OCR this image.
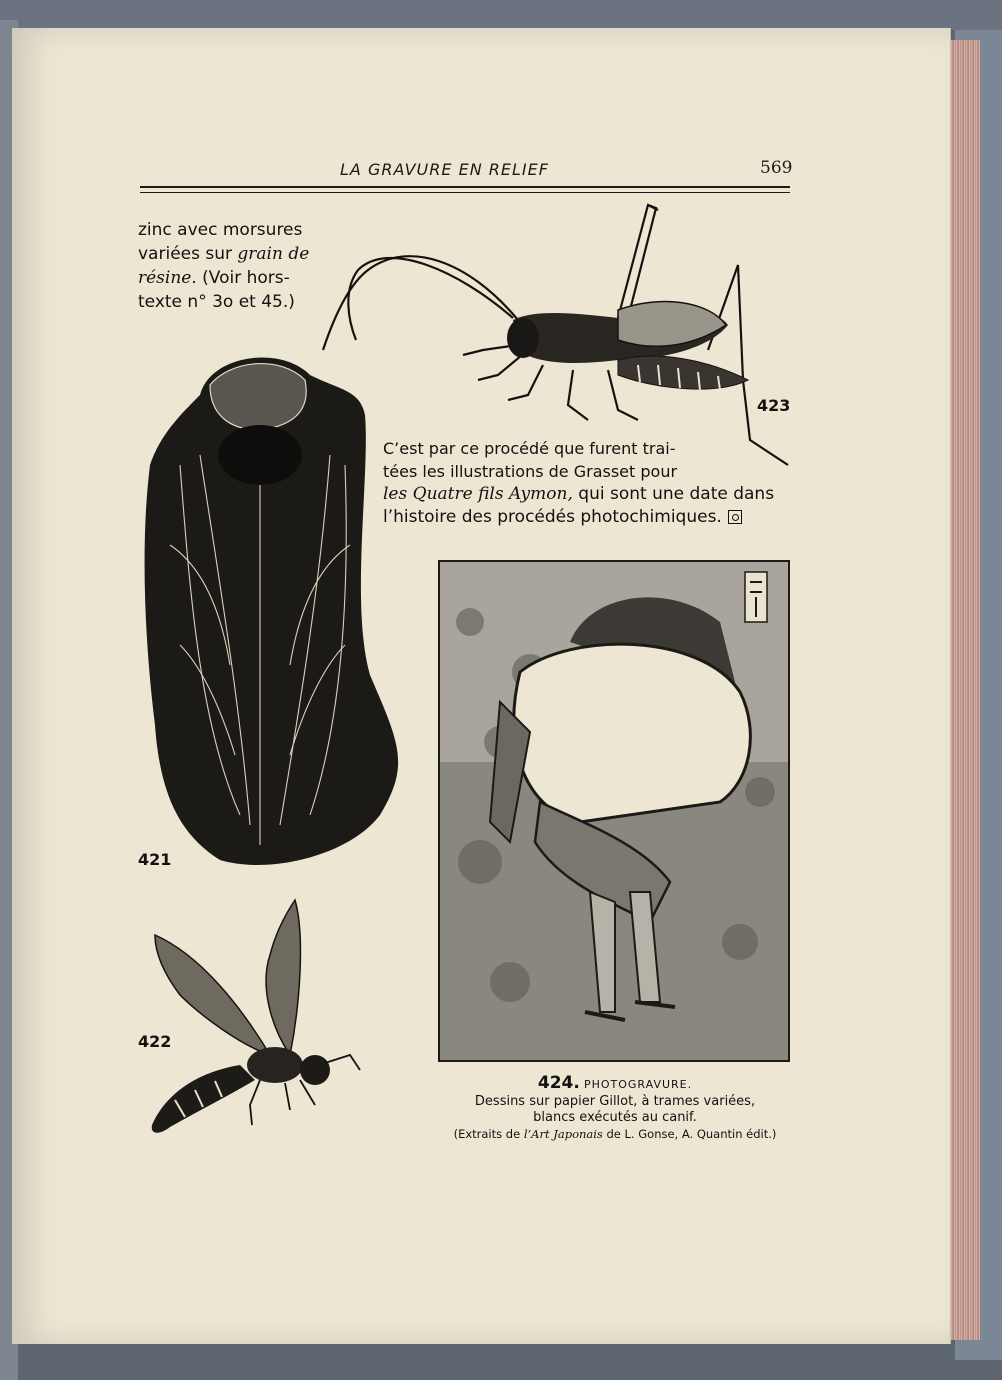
LA GRAVURE EN RELIEF	569
zinc avec morsures
variées sur grain de
résine. (Voir hors-
texte n° 3o et 45.)
C’est par ce procédé que furent trai-
tées les illustrations de Grasset pour
les Quatre fils Aymon, qui sont une date dans
l’histoire des procédés photochimiques.
421
422
423
424. PHOTOGRAVURE.
Dessins sur papier Gillot, à trames variées,
blancs exécutés au canif.
(Extraits de l’Art Japonais de L. Gonse, A. Quantin édit.)
